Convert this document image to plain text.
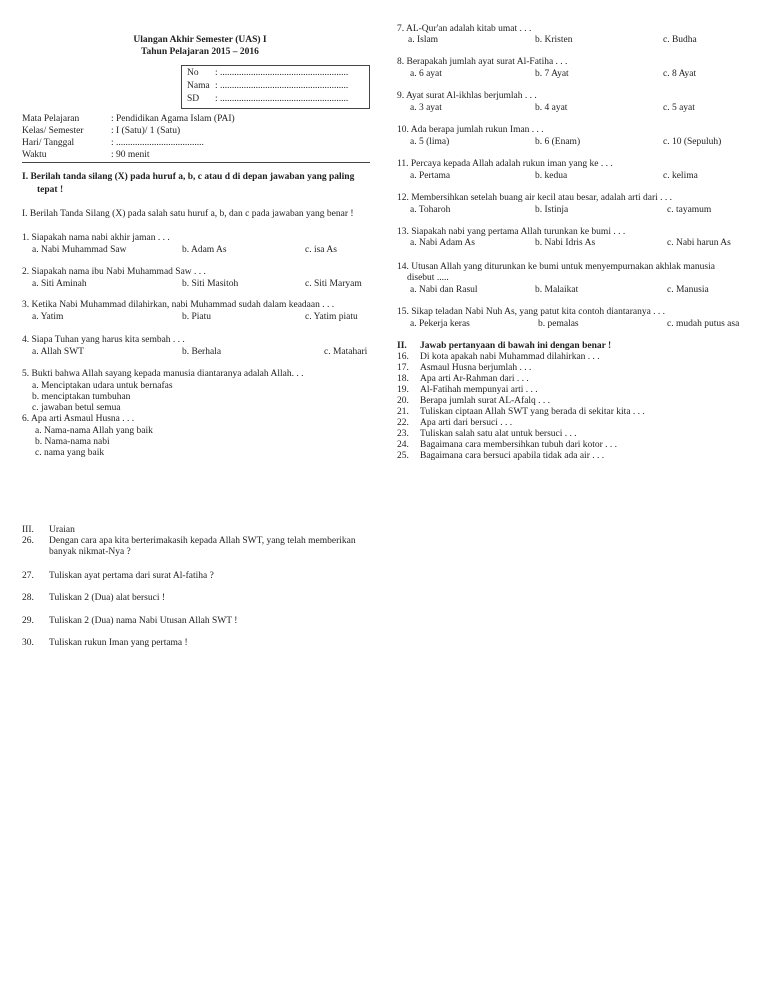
Ulangan Akhir Semester (UAS) I
Tahun Pelajaran 2015 – 2016
No : ......................................................
Nama : ......................................................
SD : ......................................................
Mata Pelajaran	: Pendidikan Agama Islam (PAI)
Kelas/ Semester	: I (Satu)/ 1 (Satu)
Hari/ Tanggal	: .....................................
Waktu	: 90 menit
I. Berilah tanda silang (X) pada huruf a, b, c atau d di depan jawaban yang paling
tepat !
I. Berilah Tanda Silang (X) pada salah satu huruf a, b, dan c pada jawaban yang benar !
1. Siapakah nama nabi akhir jaman . . .
a. Nabi Muhammad Saw	b. Adam As	c. isa As
2. Siapakah nama ibu Nabi Muhammad Saw . . .
a. Siti Aminah	b. Siti Masitoh	c. Siti Maryam
3. Ketika Nabi Muhammad dilahirkan, nabi Muhammad sudah dalam keadaan . . .
a. Yatim	b. Piatu	c. Yatim piatu
4. Siapa Tuhan yang harus kita sembah . . .
a. Allah SWT	b. Berhala	c. Matahari
5. Bukti bahwa Allah sayang kepada manusia diantaranya adalah Allah. . .
a. Menciptakan udara untuk bernafas
b. menciptakan tumbuhan
c. jawaban betul semua
6. Apa arti Asmaul Husna . . .
a. Nama-nama Allah yang baik
b. Nama-nama nabi
c. nama yang baik
III. Uraian
26. Dengan cara apa kita berterimakasih kepada Allah SWT, yang telah memberikan
banyak nikmat-Nya ?
27. Tuliskan ayat pertama dari surat Al-fatiha ?
28. Tuliskan 2 (Dua) alat bersuci !
29. Tuliskan 2 (Dua) nama Nabi Utusan Allah SWT !
30. Tuliskan rukun Iman yang pertama !
7. AL-Qur'an adalah kitab umat . . .
a. Islam	b. Kristen	c. Budha
8. Berapakah jumlah ayat surat Al-Fatiha . . .
a. 6 ayat	b. 7 Ayat	c. 8 Ayat
9. Ayat surat Al-ikhlas berjumlah . . .
a. 3 ayat	b. 4 ayat	c. 5 ayat
10. Ada berapa jumlah rukun Iman . . .
a. 5 (lima)	b. 6 (Enam)	c. 10 (Sepuluh)
11. Percaya kepada Allah adalah rukun iman yang ke . . .
a. Pertama	b. kedua	c. kelima
12. Membersihkan setelah buang air kecil atau besar, adalah arti dari . . .
a. Toharoh	b. Istinja	c. tayamum
13. Siapakah nabi yang pertama Allah turunkan ke bumi . . .
a. Nabi Adam As	b. Nabi Idris As	c. Nabi harun As
14. Utusan Allah yang diturunkan ke bumi untuk menyempurnakan akhlak manusia
disebut .....
a. Nabi dan Rasul	b. Malaikat	c. Manusia
15. Sikap teladan Nabi Nuh As, yang patut kita contoh diantaranya . . .
a. Pekerja keras	b. pemalas	c. mudah putus asa
II. Jawab pertanyaan di bawah ini dengan benar !
16. Di kota apakah nabi Muhammad dilahirkan . . .
17. Asmaul Husna berjumlah . . .
18. Apa arti Ar-Rahman dari . . .
19. Al-Fatihah mempunyai arti . . .
20. Berapa jumlah surat AL-Afalq . . .
21. Tuliskan ciptaan Allah SWT yang berada di sekitar kita . . .
22. Apa arti dari bersuci . . .
23. Tuliskan salah satu alat untuk bersuci . . .
24. Bagaimana cara membersihkan tubuh dari kotor . . .
25. Bagaimana cara bersuci apabila tidak ada air . . .
